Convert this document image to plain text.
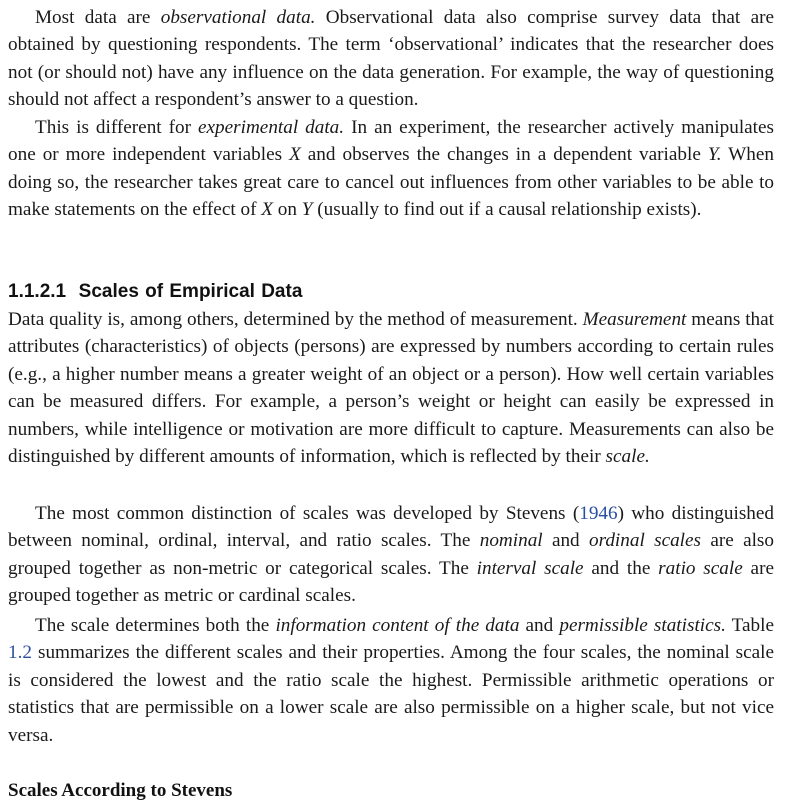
Most data are observational data. Observational data also comprise survey data that are obtained by questioning respondents. The term ‘observational’ indicates that the researcher does not (or should not) have any influence on the data generation. For example, the way of questioning should not affect a respondent’s answer to a question.

This is different for experimental data. In an experiment, the researcher actively manipulates one or more independent variables X and observes the changes in a dependent variable Y. When doing so, the researcher takes great care to cancel out influences from other variables to be able to make statements on the effect of X on Y (usually to find out if a causal relationship exists).

1.1.2.1 Scales of Empirical Data

Data quality is, among others, determined by the method of measurement. Measurement means that attributes (characteristics) of objects (persons) are expressed by numbers according to certain rules (e.g., a higher number means a greater weight of an object or a person). How well certain variables can be measured differs. For example, a person’s weight or height can easily be expressed in numbers, while intelligence or motivation are more difficult to capture. Measurements can also be distinguished by different amounts of information, which is reflected by their scale.

The most common distinction of scales was developed by Stevens (1946) who distinguished between nominal, ordinal, interval, and ratio scales. The nominal and ordinal scales are also grouped together as non-metric or categorical scales. The interval scale and the ratio scale are grouped together as metric or cardinal scales.

The scale determines both the information content of the data and permissible statistics. Table 1.2 summarizes the different scales and their properties. Among the four scales, the nominal scale is considered the lowest and the ratio scale the highest. Permissible arithmetic operations or statistics that are permissible on a lower scale are also permissible on a higher scale, but not vice versa.

Scales According to Stevens
